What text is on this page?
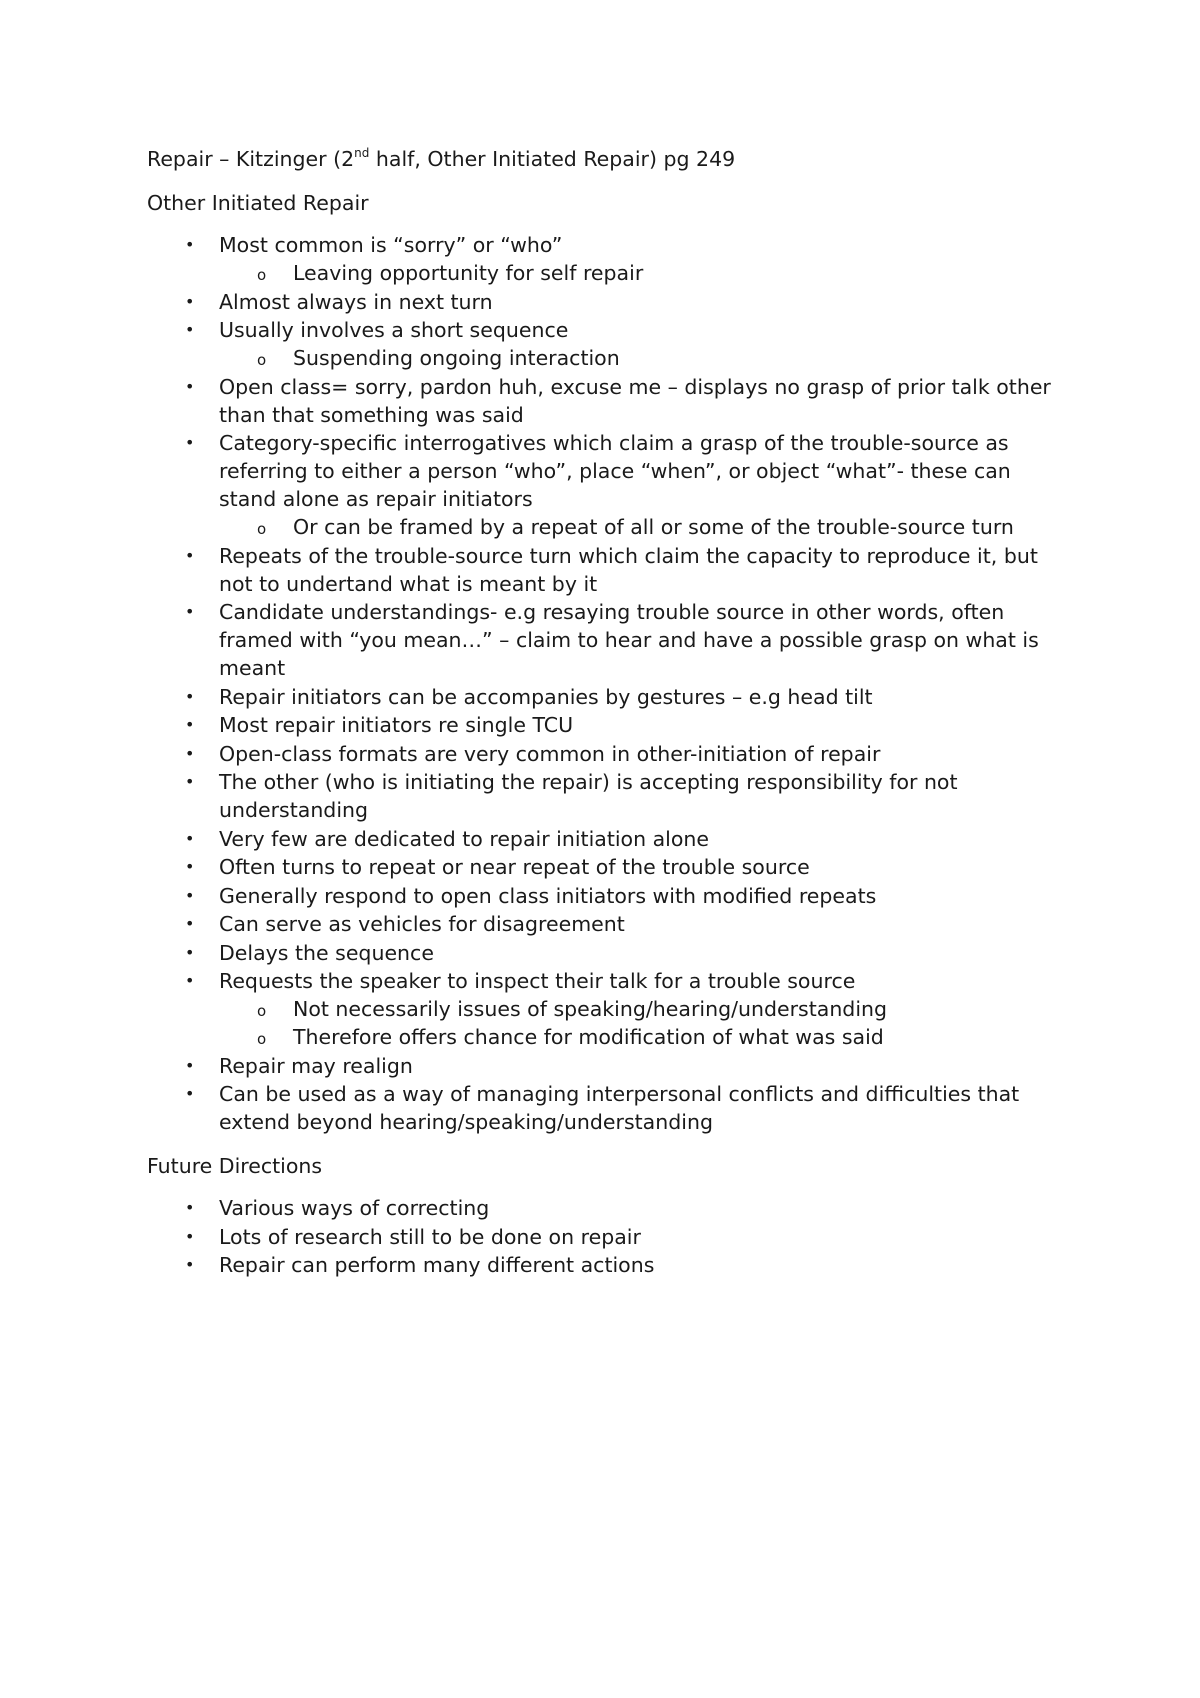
Repair – Kitzinger (2nd half, Other Initiated Repair) pg 249

Other Initiated Repair

• Most common is “sorry” or “who”
o Leaving opportunity for self repair
• Almost always in next turn
• Usually involves a short sequence
o Suspending ongoing interaction
• Open class= sorry, pardon huh, excuse me – displays no grasp of prior talk other than that something was said
• Category-specific interrogatives which claim a grasp of the trouble-source as referring to either a person “who”, place “when”, or object “what”- these can stand alone as repair initiators
o Or can be framed by a repeat of all or some of the trouble-source turn
• Repeats of the trouble-source turn which claim the capacity to reproduce it, but not to undertand what is meant by it
• Candidate understandings- e.g resaying trouble source in other words, often framed with “you mean…” – claim to hear and have a possible grasp on what is meant
• Repair initiators can be accompanies by gestures – e.g head tilt
• Most repair initiators re single TCU
• Open-class formats are very common in other-initiation of repair
• The other (who is initiating the repair) is accepting responsibility for not understanding
• Very few are dedicated to repair initiation alone
• Often turns to repeat or near repeat of the trouble source
• Generally respond to open class initiators with modified repeats
• Can serve as vehicles for disagreement
• Delays the sequence
• Requests the speaker to inspect their talk for a trouble source
o Not necessarily issues of speaking/hearing/understanding
o Therefore offers chance for modification of what was said
• Repair may realign
• Can be used as a way of managing interpersonal conflicts and difficulties that extend beyond hearing/speaking/understanding

Future Directions

• Various ways of correcting
• Lots of research still to be done on repair
• Repair can perform many different actions
